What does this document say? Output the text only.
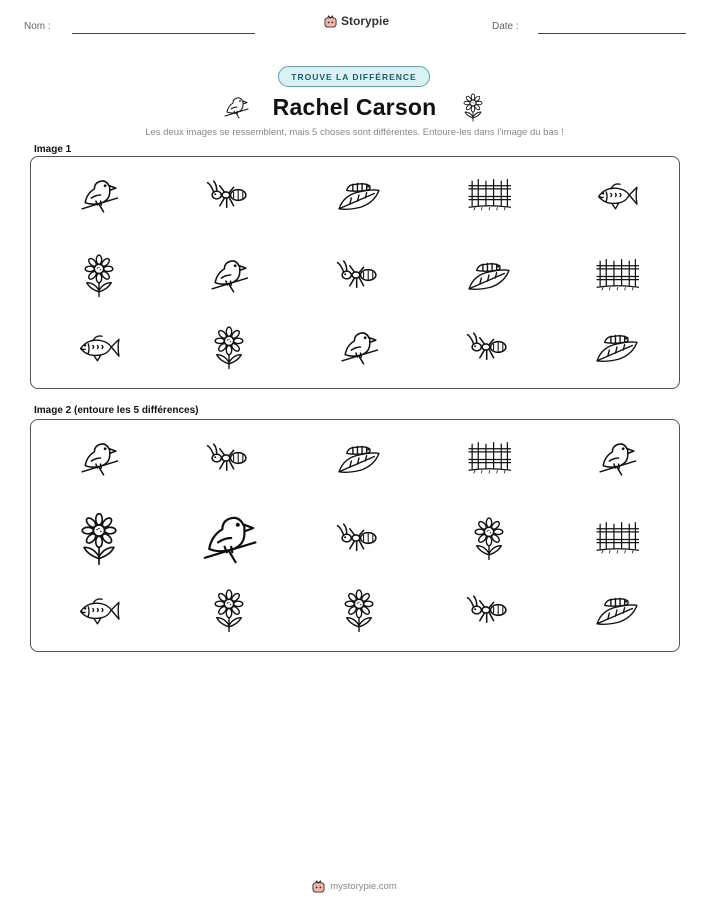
Nom :	Storypie	Date :
TROUVE LA DIFFÉRENCE
Rachel Carson
Les deux images se ressemblent, mais 5 choses sont différentes. Entoure-les dans l’image du bas !
Image 1
Image 2 (entoure les 5 différences)
mystorypie.com
